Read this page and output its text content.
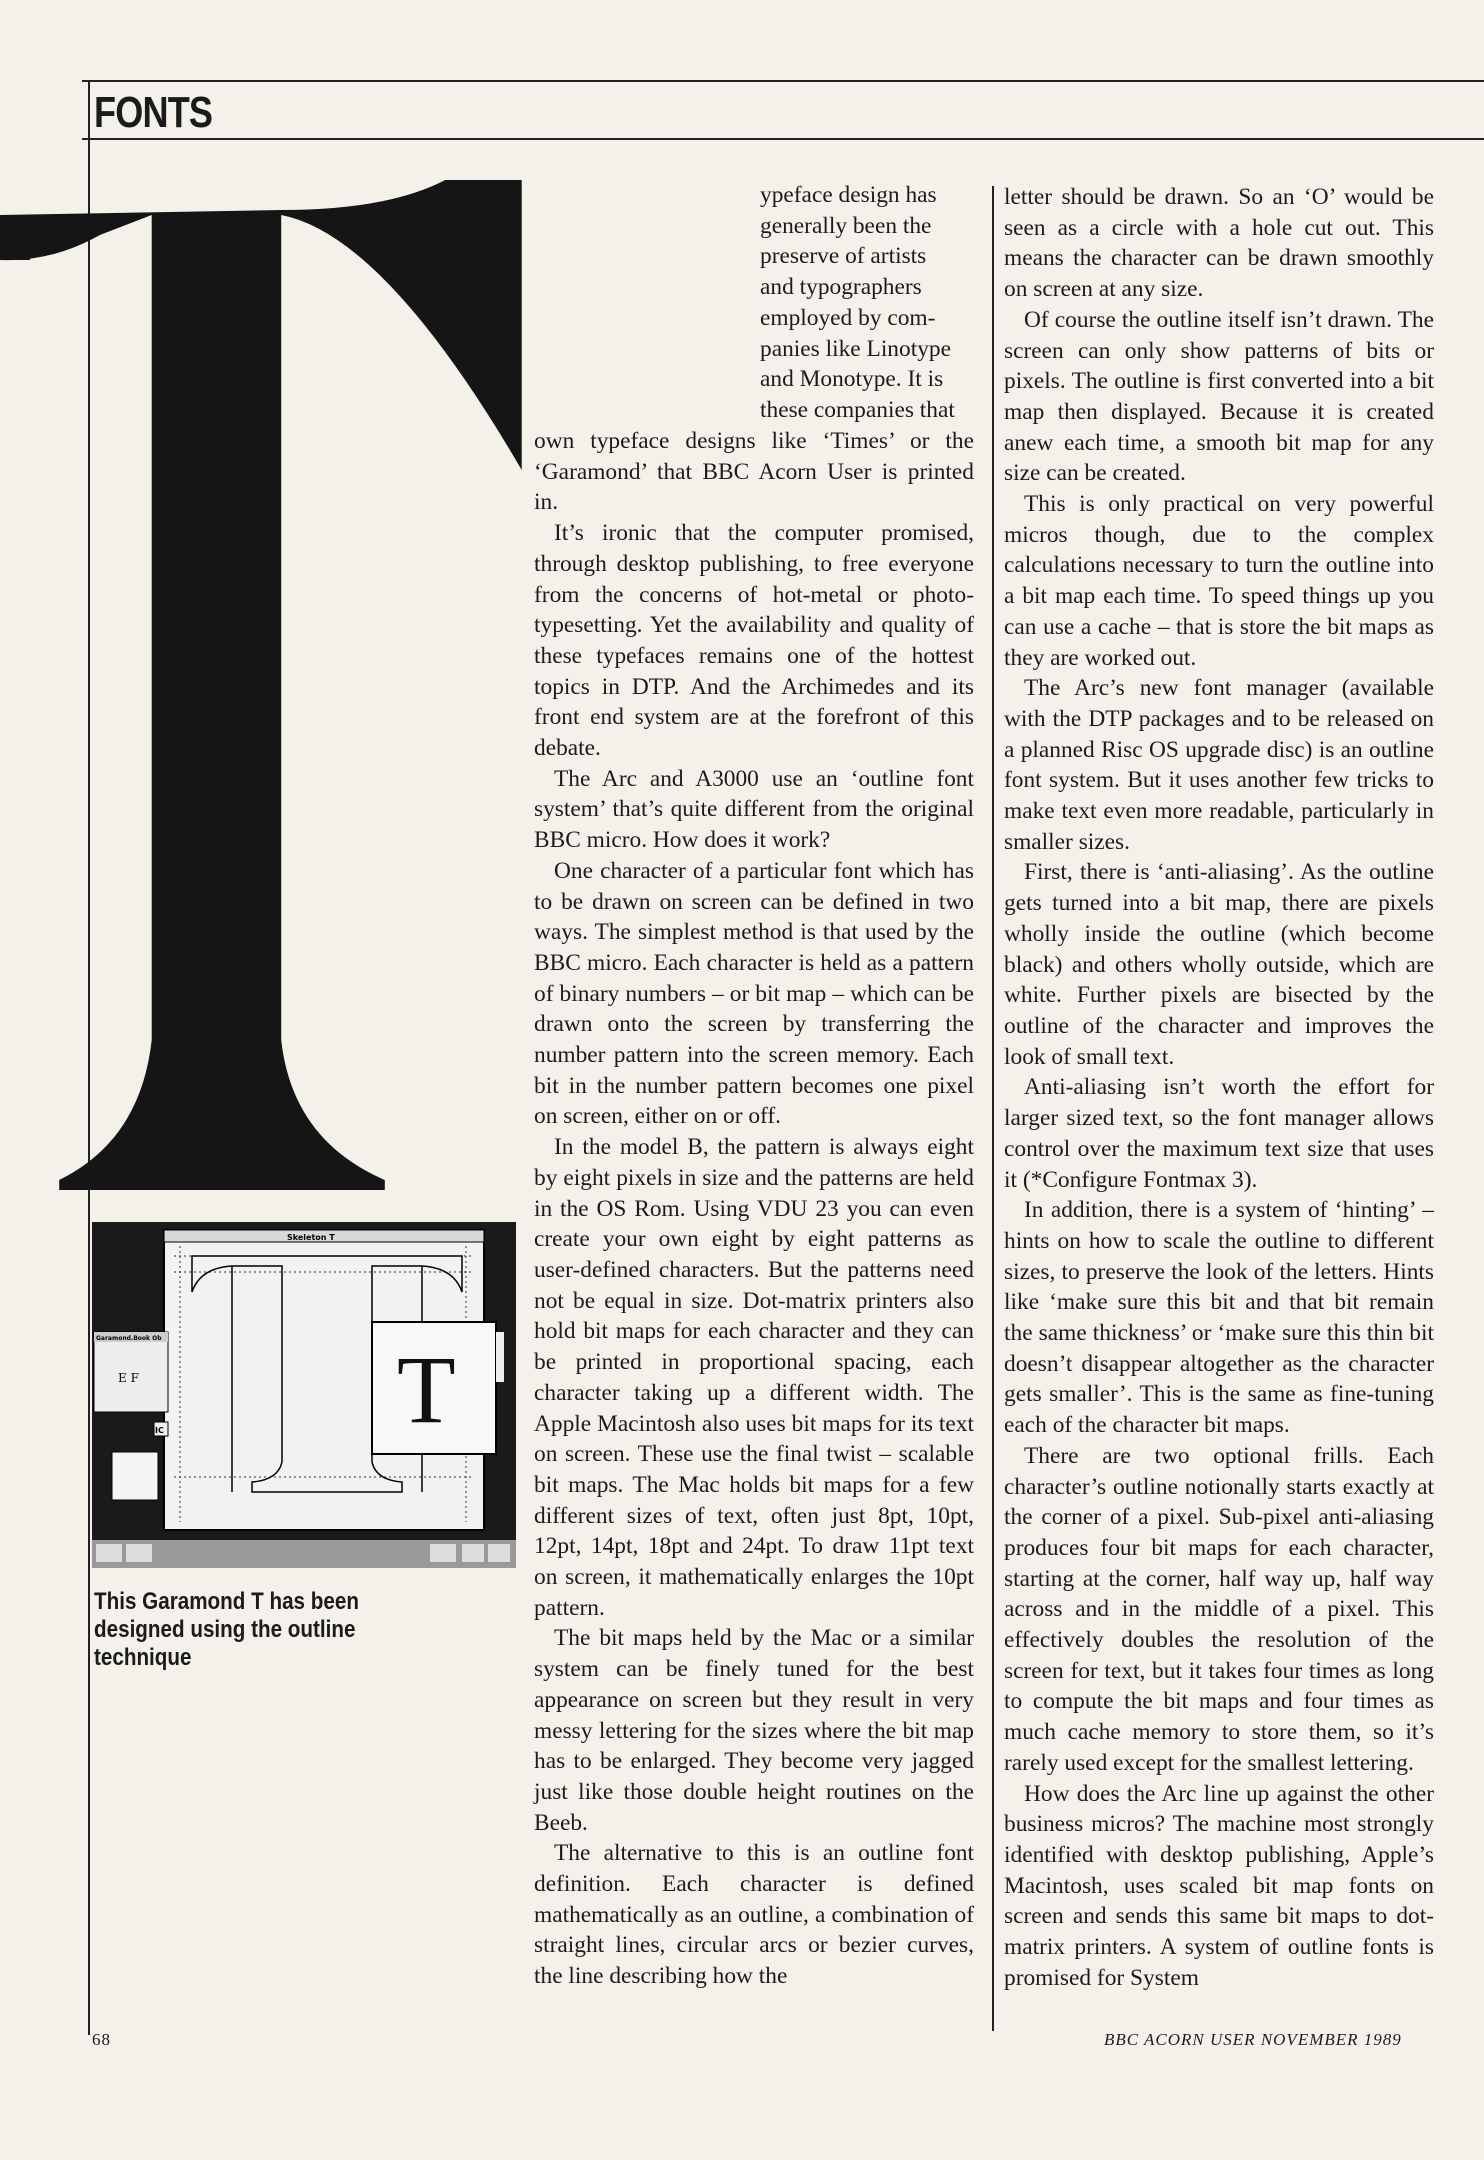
FONTS

ypeface design has

generally been the

preserve of artists

and typographers

employed by com-

panies like Linotype

and Monotype. It is

these companies that

own typeface designs like ‘Times’ or the ‘Garamond’ that BBC Acorn User is printed in.

It’s ironic that the computer promised, through desktop publishing, to free everyone from the concerns of hot-metal or photo-typesetting. Yet the availability and quality of these typefaces remains one of the hottest topics in DTP. And the Archimedes and its front end system are at the forefront of this debate.

The Arc and A3000 use an ‘outline font system’ that’s quite different from the original BBC micro. How does it work?

One character of a particular font which has to be drawn on screen can be defined in two ways. The simplest method is that used by the BBC micro. Each character is held as a pattern of binary numbers – or bit map – which can be drawn onto the screen by transferring the number pattern into the screen memory. Each bit in the number pattern becomes one pixel on screen, either on or off.

In the model B, the pattern is always eight by eight pixels in size and the patterns are held in the OS Rom. Using VDU 23 you can even create your own eight by eight patterns as user-defined characters. But the patterns need not be equal in size. Dot-matrix printers also hold bit maps for each character and they can be printed in proportional spacing, each character taking up a different width. The Apple Macintosh also uses bit maps for its text on screen. These use the final twist – scalable bit maps. The Mac holds bit maps for a few different sizes of text, often just 8pt, 10pt, 12pt, 14pt, 18pt and 24pt. To draw 11pt text on screen, it mathematically enlarges the 10pt pattern.

The bit maps held by the Mac or a similar system can be finely tuned for the best appearance on screen but they result in very messy lettering for the sizes where the bit map has to be enlarged. They become very jagged just like those double height routines on the Beeb.

The alternative to this is an outline font definition. Each character is defined mathematically as an outline, a combination of straight lines, circular arcs or bezier curves, the line describing how the

letter should be drawn. So an ‘O’ would be seen as a circle with a hole cut out. This means the character can be drawn smoothly on screen at any size.

Of course the outline itself isn’t drawn. The screen can only show patterns of bits or pixels. The outline is first converted into a bit map then displayed. Because it is created anew each time, a smooth bit map for any size can be created.

This is only practical on very powerful micros though, due to the complex calculations necessary to turn the outline into a bit map each time. To speed things up you can use a cache – that is store the bit maps as they are worked out.

The Arc’s new font manager (available with the DTP packages and to be released on a planned Risc OS upgrade disc) is an outline font system. But it uses another few tricks to make text even more readable, particularly in smaller sizes.

First, there is ‘anti-aliasing’. As the outline gets turned into a bit map, there are pixels wholly inside the outline (which become black) and others wholly outside, which are white. Further pixels are bisected by the outline of the character and improves the look of small text.

Anti-aliasing isn’t worth the effort for larger sized text, so the font manager allows control over the maximum text size that uses it (*Configure Fontmax 3).

In addition, there is a system of ‘hinting’ – hints on how to scale the outline to different sizes, to preserve the look of the letters. Hints like ‘make sure this bit and that bit remain the same thickness’ or ‘make sure this thin bit doesn’t disappear altogether as the character gets smaller’. This is the same as fine-tuning each of the character bit maps.

There are two optional frills. Each character’s outline notionally starts exactly at the corner of a pixel. Sub-pixel anti-aliasing produces four bit maps for each character, starting at the corner, half way up, half way across and in the middle of a pixel. This effectively doubles the resolution of the screen for text, but it takes four times as long to compute the bit maps and four times as much cache memory to store them, so it’s rarely used except for the smallest lettering.

How does the Arc line up against the other business micros? The machine most strongly identified with desktop publishing, Apple’s Macintosh, uses scaled bit map fonts on screen and sends this same bit maps to dot-matrix printers. A system of outline fonts is promised for System

Skeleton T
Garamond.Book Ob
E F
IC T
This Garamond T has been designed using the outline technique
68	BBC ACORN USER NOVEMBER 1989
